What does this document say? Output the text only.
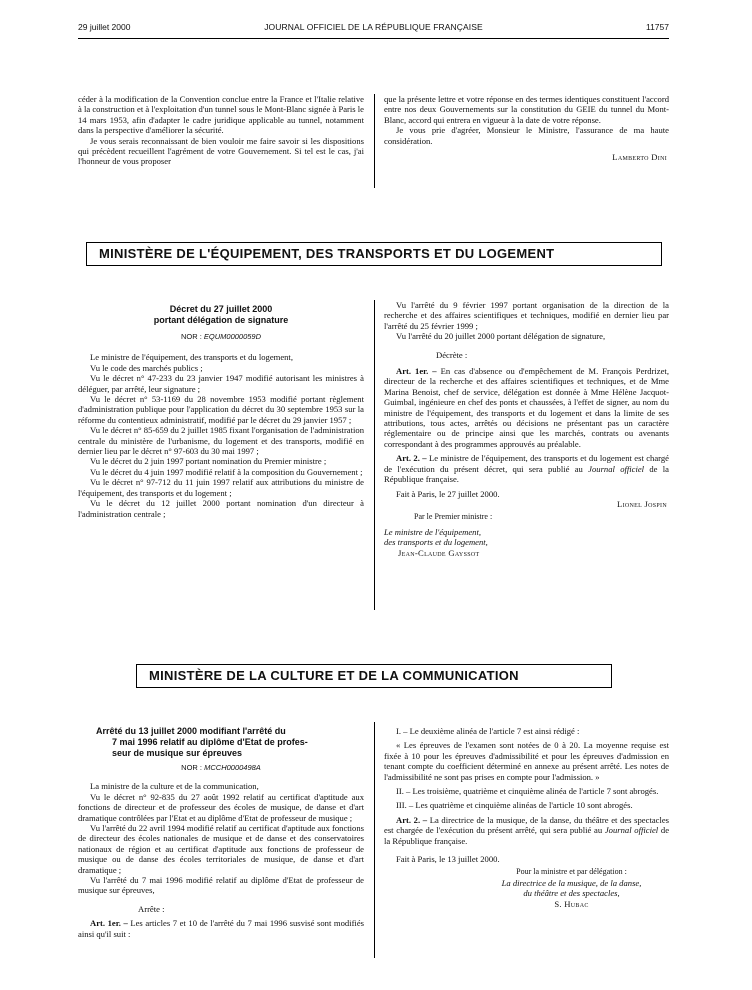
29 juillet 2000	JOURNAL OFFICIEL DE LA RÉPUBLIQUE FRANÇAISE	11757

céder à la modification de la Convention conclue entre la France et l'Italie relative à la construction et à l'exploitation d'un tunnel sous le Mont-Blanc signée à Paris le 14 mars 1953, afin d'adapter le cadre juridique applicable au tunnel, notamment dans la perspective d'améliorer la sécurité.

Je vous serais reconnaissant de bien vouloir me faire savoir si les dispositions qui précèdent recueillent l'agrément de votre Gouvernement. Si tel est le cas, j'ai l'honneur de vous proposer

que la présente lettre et votre réponse en des termes identiques constituent l'accord entre nos deux Gouvernements sur la constitution du GEIE du tunnel du Mont-Blanc, accord qui entrera en vigueur à la date de votre réponse.

Je vous prie d'agréer, Monsieur le Ministre, l'assurance de ma haute considération.

Lamberto Dini

MINISTÈRE DE L'ÉQUIPEMENT, DES TRANSPORTS ET DU LOGEMENT
Décret du 27 juillet 2000
portant délégation de signature
NOR : EQUM0000059D

Le ministre de l'équipement, des transports et du logement,

Vu le code des marchés publics ;

Vu le décret n° 47-233 du 23 janvier 1947 modifié autorisant les ministres à déléguer, par arrêté, leur signature ;

Vu le décret n° 53-1169 du 28 novembre 1953 modifié portant règlement d'administration publique pour l'application du décret du 30 septembre 1953 sur la réforme du contentieux administratif, modifié par le décret du 29 janvier 1957 ;

Vu le décret n° 85-659 du 2 juillet 1985 fixant l'organisation de l'administration centrale du ministère de l'urbanisme, du logement et des transports, modifié en dernier lieu par le décret n° 97-603 du 30 mai 1997 ;

Vu le décret du 2 juin 1997 portant nomination du Premier ministre ;

Vu le décret du 4 juin 1997 modifié relatif à la composition du Gouvernement ;

Vu le décret n° 97-712 du 11 juin 1997 relatif aux attributions du ministre de l'équipement, des transports et du logement ;

Vu le décret du 12 juillet 2000 portant nomination d'un directeur à l'administration centrale ;

Vu l'arrêté du 9 février 1997 portant organisation de la direction de la recherche et des affaires scientifiques et techniques, modifié en dernier lieu par l'arrêté du 25 février 1999 ;

Vu l'arrêté du 20 juillet 2000 portant délégation de signature,

Décrète :

Art. 1er. – En cas d'absence ou d'empêchement de M. François Perdrizet, directeur de la recherche et des affaires scientifiques et techniques, et de Mme Marina Benoist, chef de service, délégation est donnée à Mme Hélène Jacquot-Guimbal, ingénieure en chef des ponts et chaussées, à l'effet de signer, au nom du ministre de l'équipement, des transports et du logement et dans la limite de ses attributions, tous actes, arrêtés ou décisions ne présentant pas un caractère réglementaire ou de principe ainsi que les marchés, contrats ou avenants correspondant à des programmes approuvés au préalable.

Art. 2. – Le ministre de l'équipement, des transports et du logement est chargé de l'exécution du présent décret, qui sera publié au Journal officiel de la République française.

Fait à Paris, le 27 juillet 2000.

Lionel Jospin

Par le Premier ministre :

Le ministre de l'équipement,

des transports et du logement,

Jean-Claude Gayssot

MINISTÈRE DE LA CULTURE ET DE LA COMMUNICATION
Arrêté du 13 juillet 2000 modifiant l'arrêté du
7 mai 1996 relatif au diplôme d'Etat de profes-
seur de musique sur épreuves
NOR : MCCH0000498A

La ministre de la culture et de la communication,

Vu le décret n° 92-835 du 27 août 1992 relatif au certificat d'aptitude aux fonctions de directeur et de professeur des écoles de musique, de danse et d'art dramatique contrôlées par l'Etat et au diplôme d'Etat de professeur de musique ;

Vu l'arrêté du 22 avril 1994 modifié relatif au certificat d'aptitude aux fonctions de directeur des écoles nationales de musique et de danse et des conservatoires nationaux de région et au certificat d'aptitude aux fonctions de professeur de musique ou de danse des écoles territoriales de musique, de danse et d'art dramatique ;

Vu l'arrêté du 7 mai 1996 modifié relatif au diplôme d'Etat de professeur de musique sur épreuves,

Arrête :

Art. 1er. – Les articles 7 et 10 de l'arrêté du 7 mai 1996 susvisé sont modifiés ainsi qu'il suit :

I. – Le deuxième alinéa de l'article 7 est ainsi rédigé :

« Les épreuves de l'examen sont notées de 0 à 20. La moyenne requise est fixée à 10 pour les épreuves d'admissibilité et pour les épreuves d'admission en tenant compte du coefficient déterminé en annexe au présent arrêté. Les notes de l'admissibilité ne sont pas prises en compte pour l'admission. »

II. – Les troisième, quatrième et cinquième alinéa de l'article 7 sont abrogés.

III. – Les quatrième et cinquième alinéas de l'article 10 sont abrogés.

Art. 2. – La directrice de la musique, de la danse, du théâtre et des spectacles est chargée de l'exécution du présent arrêté, qui sera publié au Journal officiel de la République française.

Fait à Paris, le 13 juillet 2000.

Pour la ministre et par délégation :

La directrice de la musique, de la danse,

du théâtre et des spectacles,

S. Hubac
